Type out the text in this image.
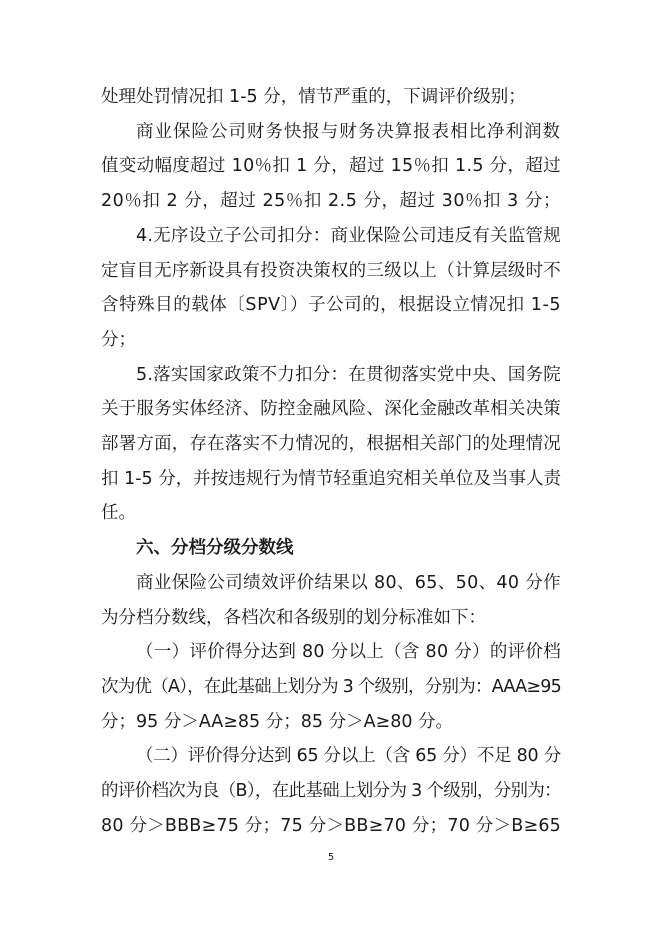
处理处罚情况扣 1-5 分，情节严重的，下调评价级别；
商业保险公司财务快报与财务决算报表相比净利润数
值变动幅度超过 10％扣 1 分，超过 15％扣 1.5 分，超过
20％扣 2 分，超过 25％扣 2.5 分，超过 30％扣 3 分；
4.无序设立子公司扣分：商业保险公司违反有关监管规
定盲目无序新设具有投资决策权的三级以上（计算层级时不
含特殊目的载体〔SPV〕）子公司的，根据设立情况扣 1-5
分；
5.落实国家政策不力扣分：在贯彻落实党中央、国务院
关于服务实体经济、防控金融风险、深化金融改革相关决策
部署方面，存在落实不力情况的，根据相关部门的处理情况
扣 1-5 分，并按违规行为情节轻重追究相关单位及当事人责
任。
六、分档分级分数线
商业保险公司绩效评价结果以 80、65、50、40 分作
为分档分数线，各档次和各级别的划分标准如下：
（一）评价得分达到 80 分以上（含 80 分）的评价档
次为优（A），在此基础上划分为 3 个级别，分别为：AAA≥95
分；95 分＞AA≥85 分；85 分＞A≥80 分。
（二）评价得分达到 65 分以上（含 65 分）不足 80 分
的评价档次为良（B），在此基础上划分为 3 个级别，分别为：
80 分＞BBB≥75 分；75 分＞BB≥70 分；70 分＞B≥65
5
